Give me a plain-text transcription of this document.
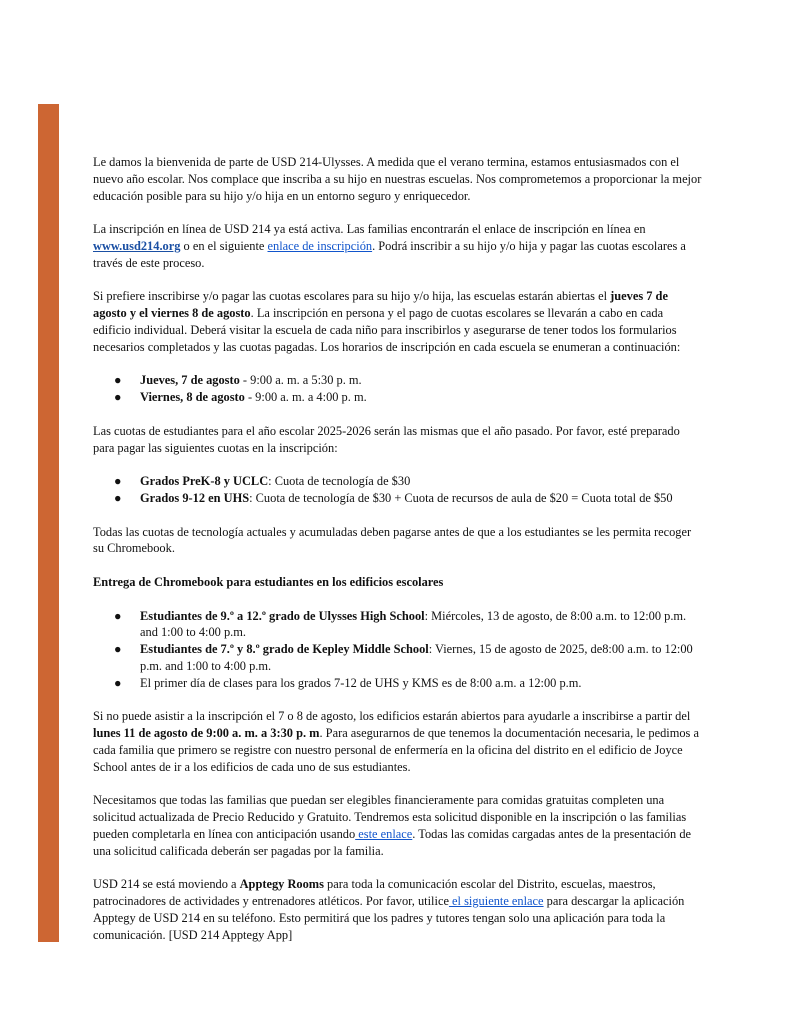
Le damos la bienvenida de parte de USD 214-Ulysses. A medida que el verano termina, estamos entusiasmados con el nuevo año escolar. Nos complace que inscriba a su hijo en nuestras escuelas. Nos comprometemos a proporcionar la mejor educación posible para su hijo y/o hija en un entorno seguro y enriquecedor.

La inscripción en línea de USD 214 ya está activa. Las familias encontrarán el enlace de inscripción en línea en www.usd214.org o en el siguiente enlace de inscripción. Podrá inscribir a su hijo y/o hija y pagar las cuotas escolares a través de este proceso.

Si prefiere inscribirse y/o pagar las cuotas escolares para su hijo y/o hija, las escuelas estarán abiertas el jueves 7 de agosto y el viernes 8 de agosto. La inscripción en persona y el pago de cuotas escolares se llevarán a cabo en cada edificio individual. Deberá visitar la escuela de cada niño para inscribirlos y asegurarse de tener todos los formularios necesarios completados y las cuotas pagadas. Los horarios de inscripción en cada escuela se enumeran a continuación:

● Jueves, 7 de agosto - 9:00 a. m. a 5:30 p. m.
● Viernes, 8 de agosto - 9:00 a. m. a 4:00 p. m.

Las cuotas de estudiantes para el año escolar 2025-2026 serán las mismas que el año pasado. Por favor, esté preparado para pagar las siguientes cuotas en la inscripción:

● Grados PreK-8 y UCLC: Cuota de tecnología de $30
● Grados 9-12 en UHS: Cuota de tecnología de $30 + Cuota de recursos de aula de $20 = Cuota total de $50

Todas las cuotas de tecnología actuales y acumuladas deben pagarse antes de que a los estudiantes se les permita recoger su Chromebook.

Entrega de Chromebook para estudiantes en los edificios escolares

● Estudiantes de 9.º a 12.º grado de Ulysses High School: Miércoles, 13 de agosto, de 8:00 a.m. to 12:00 p.m. and 1:00 to 4:00 p.m.
● Estudiantes de 7.º y 8.º grado de Kepley Middle School: Viernes, 15 de agosto de 2025, de8:00 a.m. to 12:00 p.m. and 1:00 to 4:00 p.m.
● El primer día de clases para los grados 7-12 de UHS y KMS es de 8:00 a.m. a 12:00 p.m.

Si no puede asistir a la inscripción el 7 o 8 de agosto, los edificios estarán abiertos para ayudarle a inscribirse a partir del lunes 11 de agosto de 9:00 a. m. a 3:30 p. m. Para asegurarnos de que tenemos la documentación necesaria, le pedimos a cada familia que primero se registre con nuestro personal de enfermería en la oficina del distrito en el edificio de Joyce School antes de ir a los edificios de cada uno de sus estudiantes.

Necesitamos que todas las familias que puedan ser elegibles financieramente para comidas gratuitas completen una solicitud actualizada de Precio Reducido y Gratuito. Tendremos esta solicitud disponible en la inscripción o las familias pueden completarla en línea con anticipación usando este enlace. Todas las comidas cargadas antes de la presentación de una solicitud calificada deberán ser pagadas por la familia.

USD 214 se está moviendo a Apptegy Rooms para toda la comunicación escolar del Distrito, escuelas, maestros, patrocinadores de actividades y entrenadores atléticos. Por favor, utilice el siguiente enlace para descargar la aplicación Apptegy de USD 214 en su teléfono. Esto permitirá que los padres y tutores tengan solo una aplicación para toda la comunicación. [USD 214 Apptegy App]
